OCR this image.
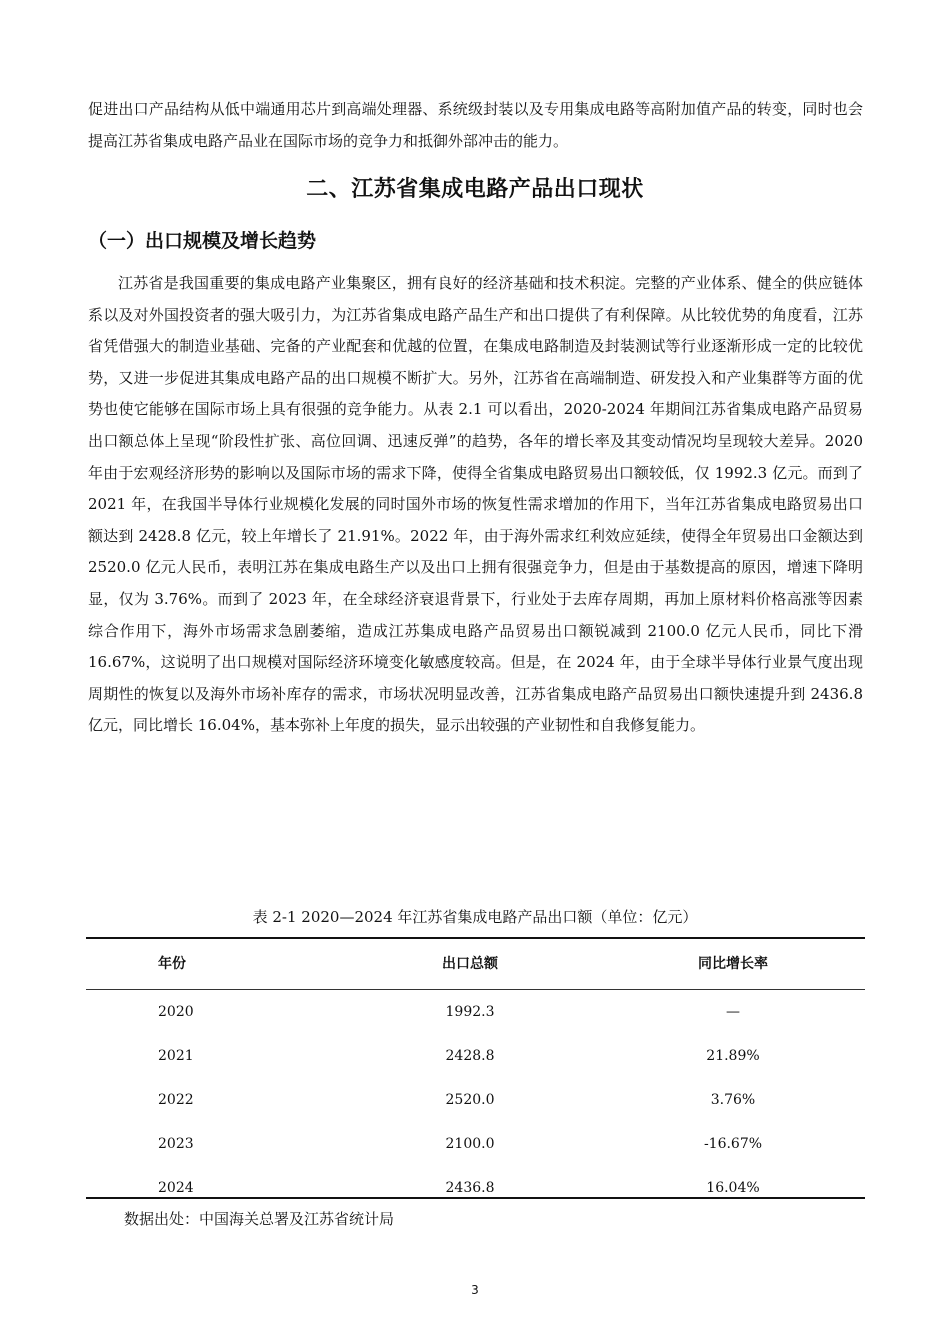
促进出口产品结构从低中端通用芯片到高端处理器、系统级封装以及专用集成电路等高附加值产品的转变，同时也会提高江苏省集成电路产品业在国际市场的竞争力和抵御外部冲击的能力。

二、江苏省集成电路产品出口现状
（一）出口规模及增长趋势

江苏省是我国重要的集成电路产业集聚区，拥有良好的经济基础和技术积淀。完整的产业体系、健全的供应链体系以及对外国投资者的强大吸引力，为江苏省集成电路产品生产和出口提供了有利保障。从比较优势的角度看，江苏省凭借强大的制造业基础、完备的产业配套和优越的位置，在集成电路制造及封装测试等行业逐渐形成一定的比较优势，又进一步促进其集成电路产品的出口规模不断扩大。另外，江苏省在高端制造、研发投入和产业集群等方面的优势也使它能够在国际市场上具有很强的竞争能力。从表 2.1 可以看出，2020-2024 年期间江苏省集成电路产品贸易出口额总体上呈现“阶段性扩张、高位回调、迅速反弹”的趋势，各年的增长率及其变动情况均呈现较大差异。2020 年由于宏观经济形势的影响以及国际市场的需求下降，使得全省集成电路贸易出口额较低，仅 1992.3 亿元。而到了 2021 年，在我国半导体行业规模化发展的同时国外市场的恢复性需求增加的作用下，当年江苏省集成电路贸易出口额达到 2428.8 亿元，较上年增长了 21.91%。2022 年，由于海外需求红利效应延续，使得全年贸易出口金额达到 2520.0 亿元人民币，表明江苏在集成电路生产以及出口上拥有很强竞争力，但是由于基数提高的原因，增速下降明显，仅为 3.76%。而到了 2023 年，在全球经济衰退背景下，行业处于去库存周期，再加上原材料价格高涨等因素综合作用下，海外市场需求急剧萎缩，造成江苏集成电路产品贸易出口额锐减到 2100.0 亿元人民币，同比下滑 16.67%，这说明了出口规模对国际经济环境变化敏感度较高。但是，在 2024 年，由于全球半导体行业景气度出现周期性的恢复以及海外市场补库存的需求，市场状况明显改善，江苏省集成电路产品贸易出口额快速提升到 2436.8 亿元，同比增长 16.04%，基本弥补上年度的损失，显示出较强的产业韧性和自我修复能力。

表 2-1 2020—2024 年江苏省集成电路产品出口额（单位：亿元）

年份	出口总额	同比增长率
2020	1992.3	—
2021	2428.8	21.89%
2022	2520.0	3.76%
2023	2100.0	-16.67%
2024	2436.8	16.04%

数据出处：中国海关总署及江苏省统计局

3
